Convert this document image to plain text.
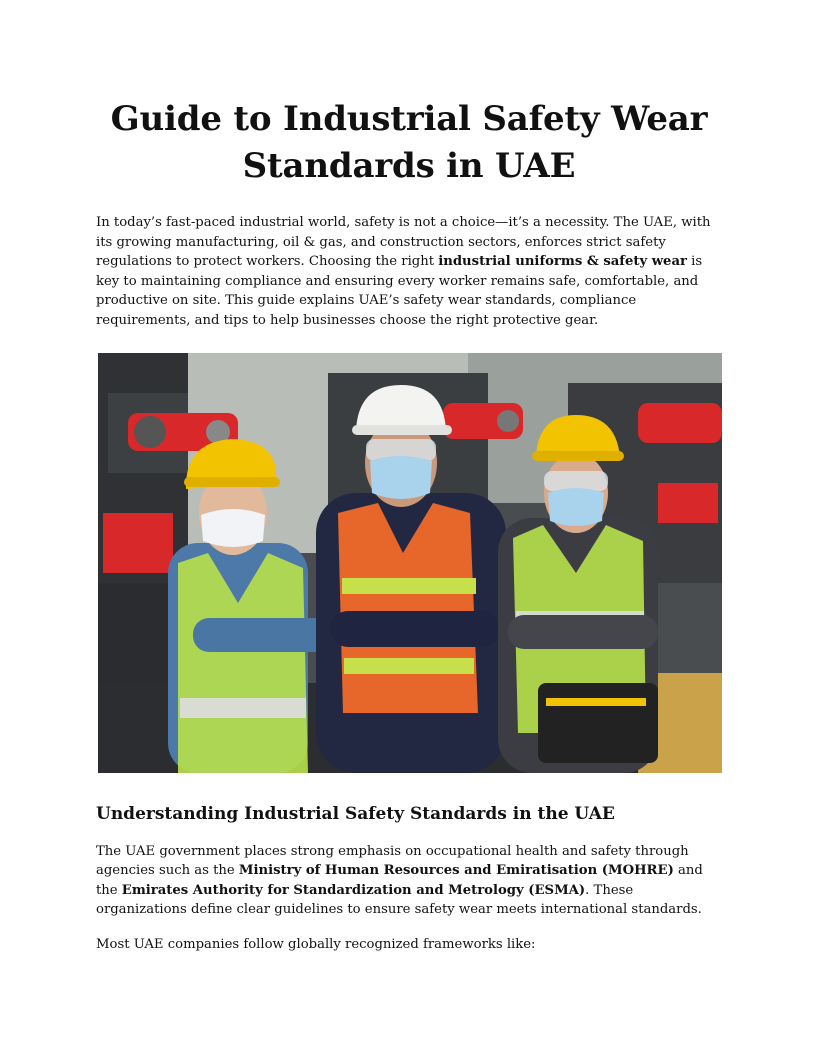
Guide to Industrial Safety Wear
Standards in UAE

In today’s fast-paced industrial world, safety is not a choice—it’s a necessity. The UAE, with its growing manufacturing, oil & gas, and construction sectors, enforces strict safety regulations to protect workers. Choosing the right industrial uniforms & safety wear is key to maintaining compliance and ensuring every worker remains safe, comfortable, and productive on site. This guide explains UAE’s safety wear standards, compliance requirements, and tips to help businesses choose the right protective gear.

Understanding Industrial Safety Standards in the UAE

The UAE government places strong emphasis on occupational health and safety through agencies such as the Ministry of Human Resources and Emiratisation (MOHRE) and the Emirates Authority for Standardization and Metrology (ESMA). These organizations define clear guidelines to ensure safety wear meets international standards.

Most UAE companies follow globally recognized frameworks like:
